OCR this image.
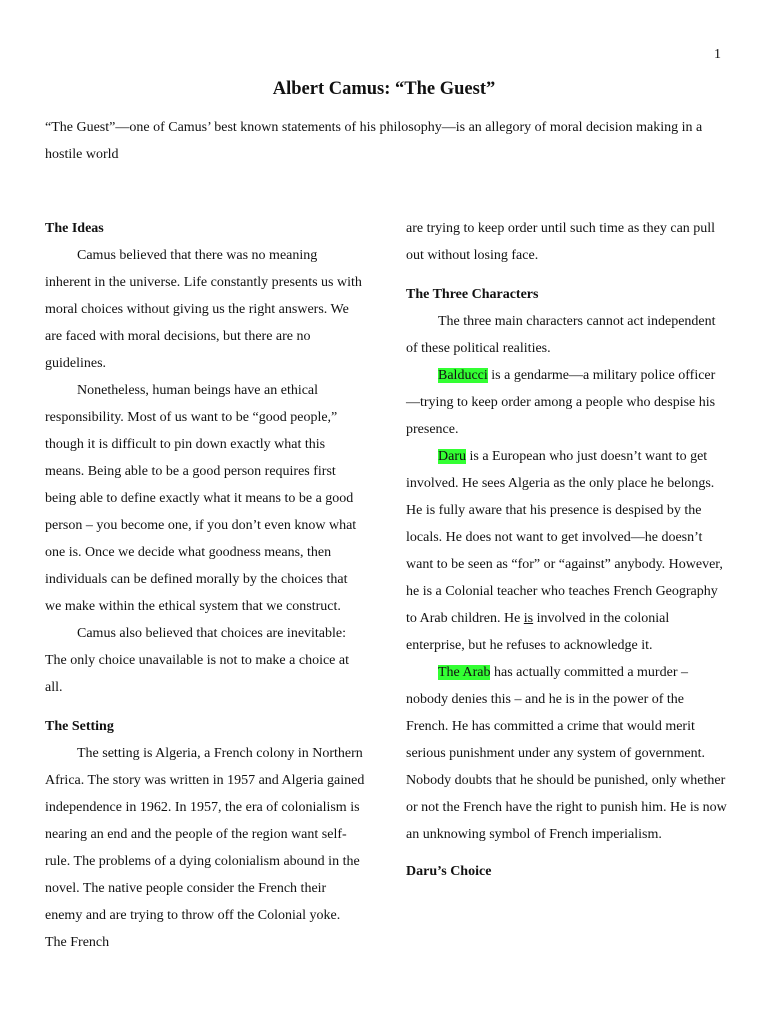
1
Albert Camus: “The Guest”

“The Guest”—one of Camus’ best known statements of his philosophy—is an allegory of moral decision making in a hostile world

The Ideas

Camus believed that there was no meaning inherent in the universe. Life constantly presents us with moral choices without giving us the right answers. We are faced with moral decisions, but there are no guidelines.

Nonetheless, human beings have an ethical responsibility. Most of us want to be “good people,” though it is difficult to pin down exactly what this means. Being able to be a good person requires first being able to define exactly what it means to be a good person – you become one, if you don’t even know what one is. Once we decide what goodness means, then individuals can be defined morally by the choices that we make within the ethical system that we construct.

Camus also believed that choices are inevitable: The only choice unavailable is not to make a choice at all.

The Setting

The setting is Algeria, a French colony in Northern Africa. The story was written in 1957 and Algeria gained independence in 1962. In 1957, the era of colonialism is nearing an end and the people of the region want self-rule. The problems of a dying colonialism abound in the novel. The native people consider the French their enemy and are trying to throw off the Colonial yoke. The French

are trying to keep order until such time as they can pull out without losing face.

The Three Characters

The three main characters cannot act independent of these political realities.

Balducci is a gendarme—a military police officer—trying to keep order among a people who despise his presence.

Daru is a European who just doesn’t want to get involved. He sees Algeria as the only place he belongs. He is fully aware that his presence is despised by the locals. He does not want to get involved—he doesn’t want to be seen as “for” or “against” anybody. However, he is a Colonial teacher who teaches French Geography to Arab children. He is involved in the colonial enterprise, but he refuses to acknowledge it.

The Arab has actually committed a murder – nobody denies this – and he is in the power of the French. He has committed a crime that would merit serious punishment under any system of government. Nobody doubts that he should be punished, only whether or not the French have the right to punish him. He is now an unknowing symbol of French imperialism.

Daru’s Choice
